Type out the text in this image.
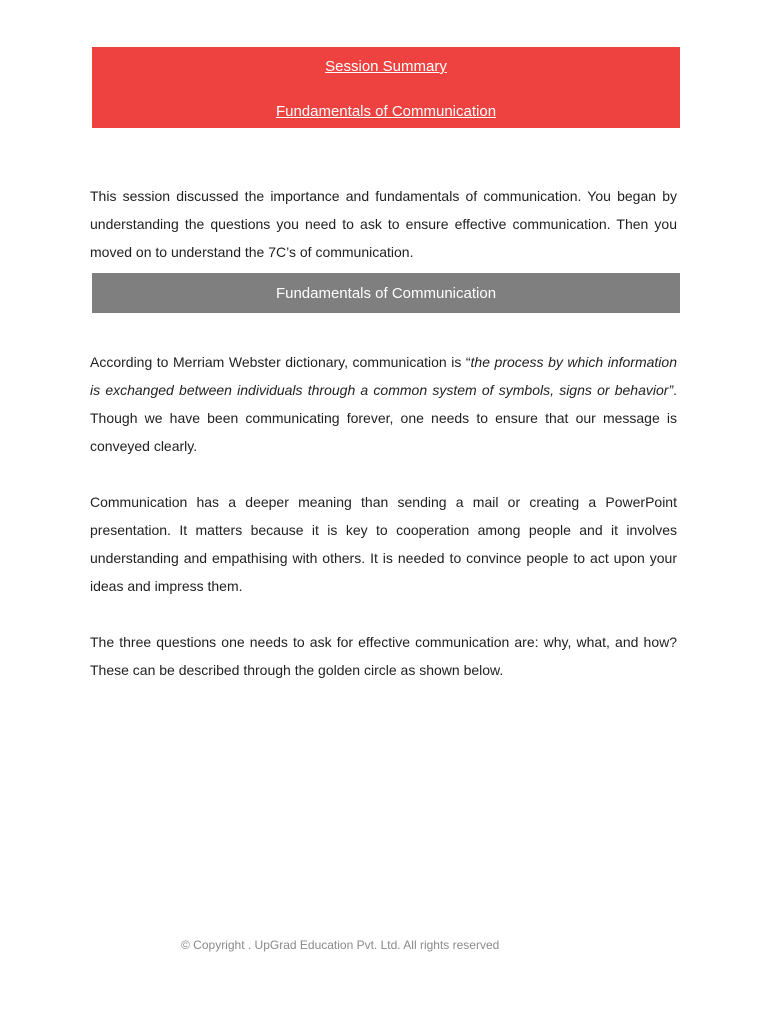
Session Summary
Fundamentals of Communication

This session discussed the importance and fundamentals of communication. You began by understanding the questions you need to ask to ensure effective communication. Then you moved on to understand the 7C’s of communication.

Fundamentals of Communication

According to Merriam Webster dictionary, communication is “the process by which information is exchanged between individuals through a common system of symbols, signs or behavior”. Though we have been communicating forever, one needs to ensure that our message is conveyed clearly.

Communication has a deeper meaning than sending a mail or creating a PowerPoint presentation. It matters because it is key to cooperation among people and it involves understanding and empathising with others. It is needed to convince people to act upon your ideas and impress them.

The three questions one needs to ask for effective communication are: why, what, and how? These can be described through the golden circle as shown below.

© Copyright . UpGrad Education Pvt. Ltd. All rights reserved
